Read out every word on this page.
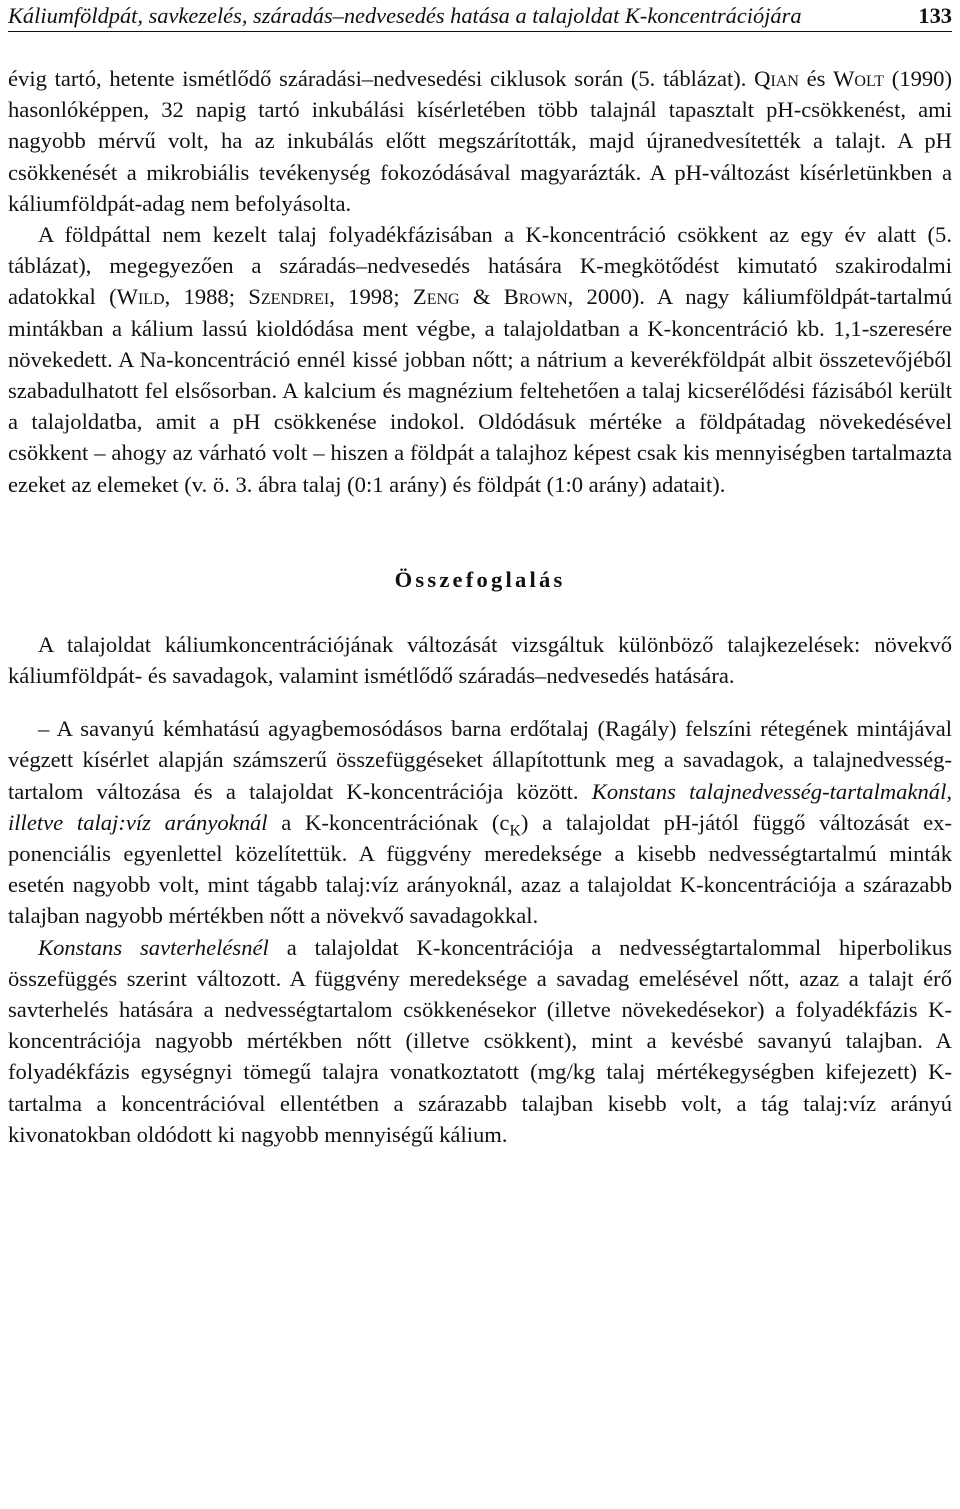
Káliumföldpát, savkezelés, száradás–nedvesedés hatása a talajoldat K-koncentrációjára	133

évig tartó, hetente ismétlődő száradási–nedvesedési ciklusok során (5. táblázat). Qian és Wolt (1990) hasonlóképpen, 32 napig tartó inkubálási kísérletében több talajnál tapasztalt pH-csökkenést, ami nagyobb mérvű volt, ha az inkubálás előtt megszárították, majd újranedvesítették a talajt. A pH csökkenését a mikrobiális tevékenység fokozódásával magyarázták. A pH-változást kísérletünkben a káliumföldpát-adag nem befolyásolta.

A földpáttal nem kezelt talaj folyadékfázisában a K-koncentráció csökkent az egy év alatt (5. táblázat), megegyezően a száradás–nedvesedés hatására K-megkötődést kimutató szakirodalmi adatokkal (Wild, 1988; Szendrei, 1998; Zeng & Brown, 2000). A nagy káliumföldpát-tartalmú mintákban a kálium lassú kioldódása ment végbe, a talajoldatban a K-koncentráció kb. 1,1-szeresére növekedett. A Na-koncentráció ennél kissé jobban nőtt; a nátrium a keverékföldpát albit összetevőjéből szabadulhatott fel elsősorban. A kalcium és magnézium feltehetően a talaj kicserélődési fázisából került a talajoldatba, amit a pH csökkenése indokol. Oldódásuk mértéke a földpátadag növekedésével csökkent – ahogy az várható volt – hiszen a földpát a talajhoz képest csak kis mennyiségben tartalmazta ezeket az elemeket (v. ö. 3. ábra talaj (0:1 arány) és földpát (1:0 arány) adatait).

Összefoglalás

A talajoldat káliumkoncentrációjának változását vizsgáltuk különböző talajkezelések: növekvő káliumföldpát- és savadagok, valamint ismétlődő száradás–nedvesedés hatására.

– A savanyú kémhatású agyagbemosódásos barna erdőtalaj (Ragály) felszíni rétegének mintájával végzett kísérlet alapján számszerű összefüggéseket állapítottunk meg a savadagok, a talajnedvesség-tartalom változása és a talajoldat K-koncentrációja között. Konstans talajnedvesség-tartalmaknál, illetve talaj:víz arányoknál a K-koncentrációnak $(c_K)$ a talajoldat pH-jától függő változását exponenciális egyenlettel közelítettük. A függvény meredeksége a kisebb nedvességtartalmú minták esetén nagyobb volt, mint tágabb talaj:víz arányoknál, azaz a talajoldat K-koncentrációja a szárazabb talajban nagyobb mértékben nőtt a növekvő savadagokkal.

Konstans savterhelésnél a talajoldat K-koncentrációja a nedvességtartalommal hiperbolikus összefüggés szerint változott. A függvény meredeksége a savadag emelésével nőtt, azaz a talajt érő savterhelés hatására a nedvességtartalom csökkenésekor (illetve növekedésekor) a folyadékfázis K-koncentrációja nagyobb mértékben nőtt (illetve csökkent), mint a kevésbé savanyú talajban. A folyadékfázis egységnyi tömegű talajra vonatkoztatott (mg/kg talaj mértékegységben kifejezett) K-tartalma a koncentrációval ellentétben a szárazabb talajban kisebb volt, a tág talaj:víz arányú kivonatokban oldódott ki nagyobb mennyiségű kálium.
